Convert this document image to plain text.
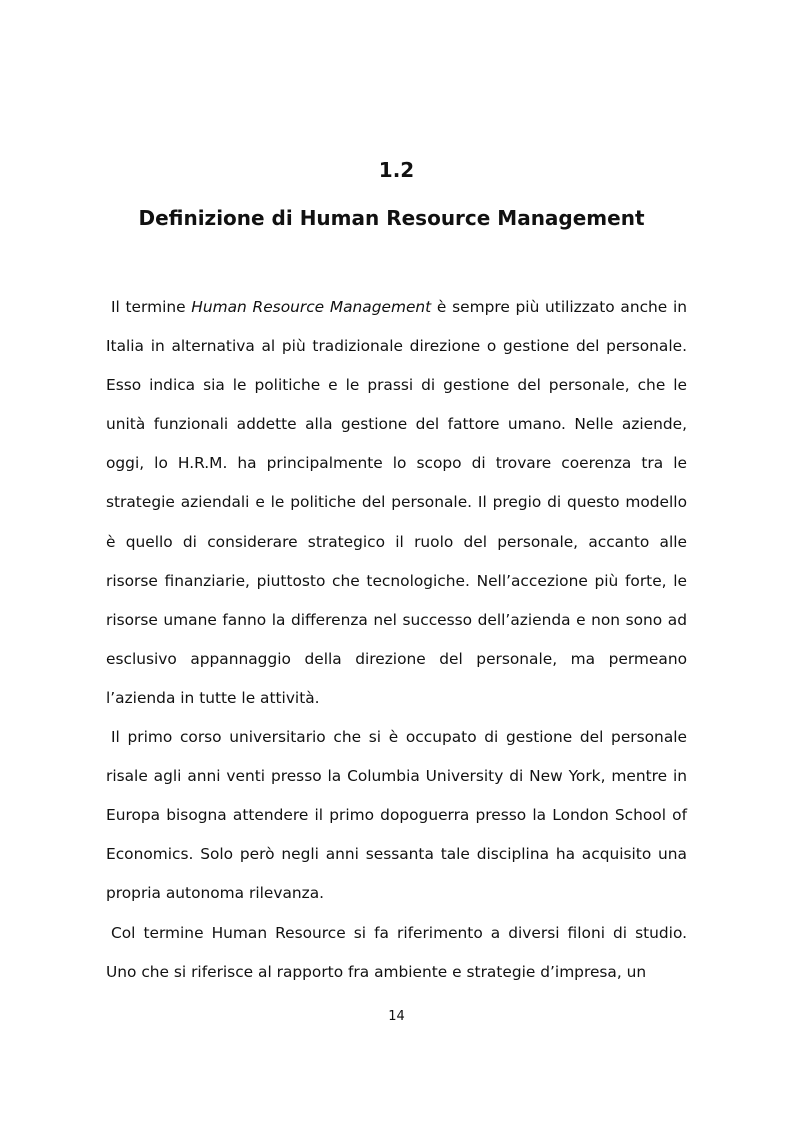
1.2
Definizione di Human Resource Management

Il termine Human Resource Management è sempre più utilizzato anche in Italia in alternativa al più tradizionale direzione o gestione del personale. Esso indica sia le politiche e le prassi di gestione del personale, che le unità funzionali addette alla gestione del fattore umano. Nelle aziende, oggi, lo H.R.M. ha principalmente lo scopo di trovare coerenza tra le strategie aziendali e le politiche del personale. Il pregio di questo modello è quello di considerare strategico il ruolo del personale, accanto alle risorse finanziarie, piuttosto che tecnologiche. Nell’accezione più forte, le risorse umane fanno la differenza nel successo dell’azienda e non sono ad esclusivo appannaggio della direzione del personale, ma permeano l’azienda in tutte le attività.

Il primo corso universitario che si è occupato di gestione del personale risale agli anni venti presso la Columbia University di New York, mentre in Europa bisogna attendere il primo dopoguerra presso la London School of Economics. Solo però negli anni sessanta tale disciplina ha acquisito una propria autonoma rilevanza.

Col termine Human Resource si fa riferimento a diversi filoni di studio. Uno che si riferisce al rapporto fra ambiente e strategie d’impresa, un

14
